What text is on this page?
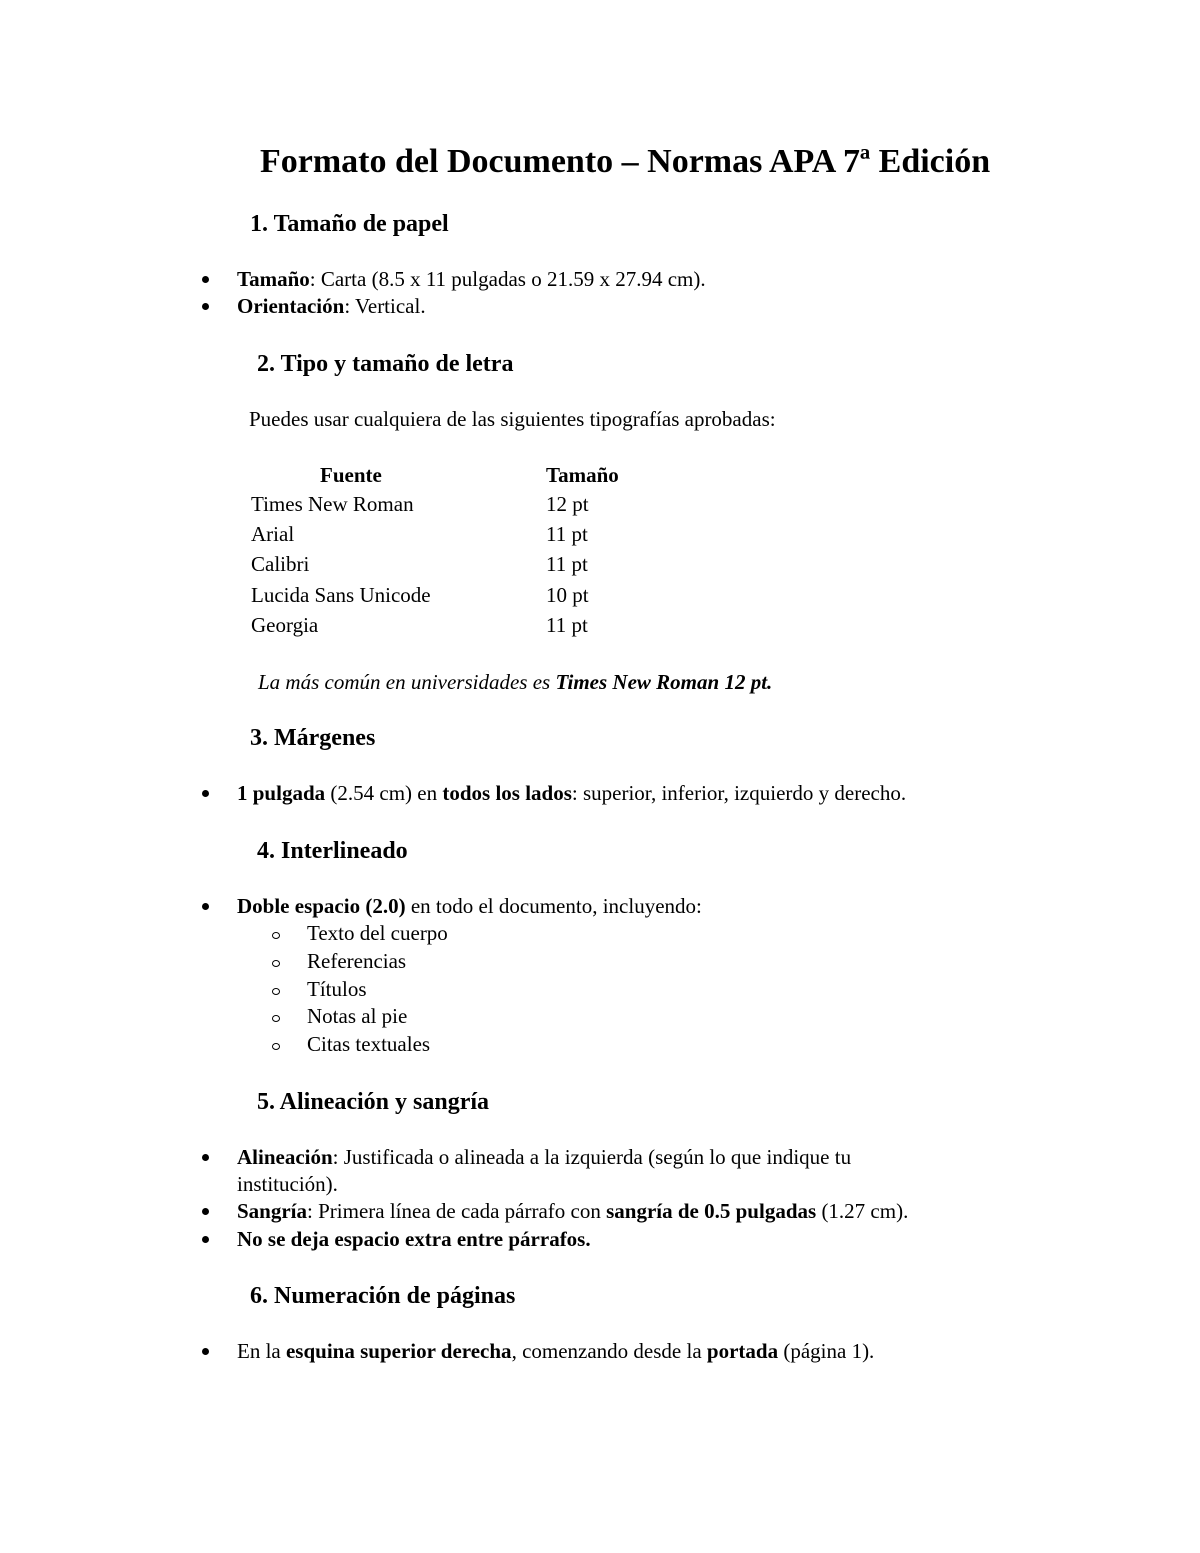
Formato del Documento – Normas APA 7ª Edición
1. Tamaño de papel
Tamaño: Carta (8.5 x 11 pulgadas o 21.59 x 27.94 cm).
Orientación: Vertical.
2. Tipo y tamaño de letra
Puedes usar cualquiera de las siguientes tipografías aprobadas:
Fuente	Tamaño
Times New Roman	12 pt
Arial	11 pt
Calibri	11 pt
Lucida Sans Unicode	10 pt
Georgia	11 pt
La más común en universidades es Times New Roman 12 pt.
3. Márgenes
1 pulgada (2.54 cm) en todos los lados: superior, inferior, izquierdo y derecho.
4. Interlineado
Doble espacio (2.0) en todo el documento, incluyendo:
Texto del cuerpo
Referencias
Títulos
Notas al pie
Citas textuales
5. Alineación y sangría
Alineación: Justificada o alineada a la izquierda (según lo que indique tu
institución).
Sangría: Primera línea de cada párrafo con sangría de 0.5 pulgadas (1.27 cm).
No se deja espacio extra entre párrafos.
6. Numeración de páginas
En la esquina superior derecha, comenzando desde la portada (página 1).
